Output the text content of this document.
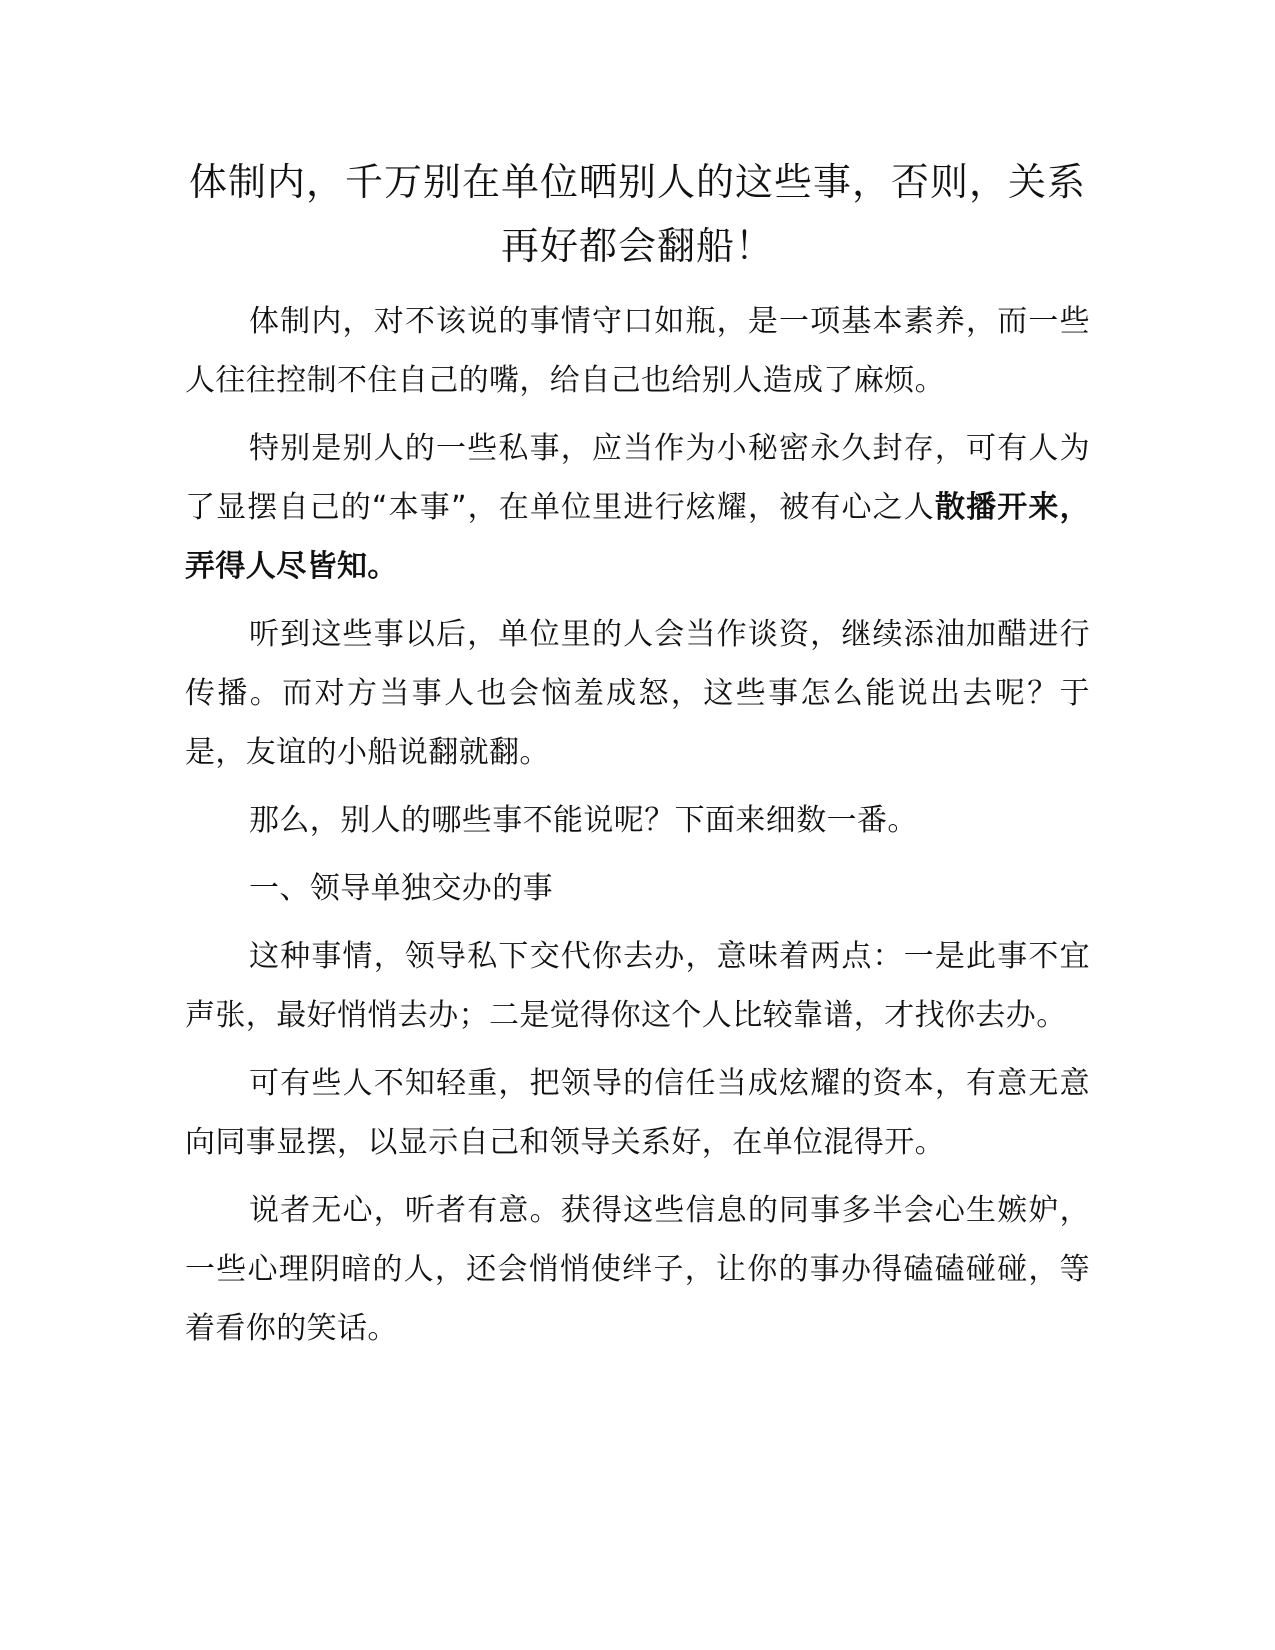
体制内，千万别在单位晒别人的这些事，否则，关系再好都会翻船！

体制内，对不该说的事情守口如瓶，是一项基本素养，而一些人往往控制不住自己的嘴，给自己也给别人造成了麻烦。

特别是别人的一些私事，应当作为小秘密永久封存，可有人为了显摆自己的“本事”，在单位里进行炫耀，被有心之人散播开来，弄得人尽皆知。

听到这些事以后，单位里的人会当作谈资，继续添油加醋进行传播。而对方当事人也会恼羞成怒，这些事怎么能说出去呢？于是，友谊的小船说翻就翻。

那么，别人的哪些事不能说呢？下面来细数一番。

一、领导单独交办的事

这种事情，领导私下交代你去办，意味着两点：一是此事不宜声张，最好悄悄去办；二是觉得你这个人比较靠谱，才找你去办。

可有些人不知轻重，把领导的信任当成炫耀的资本，有意无意向同事显摆，以显示自己和领导关系好，在单位混得开。

说者无心，听者有意。获得这些信息的同事多半会心生嫉妒，一些心理阴暗的人，还会悄悄使绊子，让你的事办得磕磕碰碰，等着看你的笑话。
